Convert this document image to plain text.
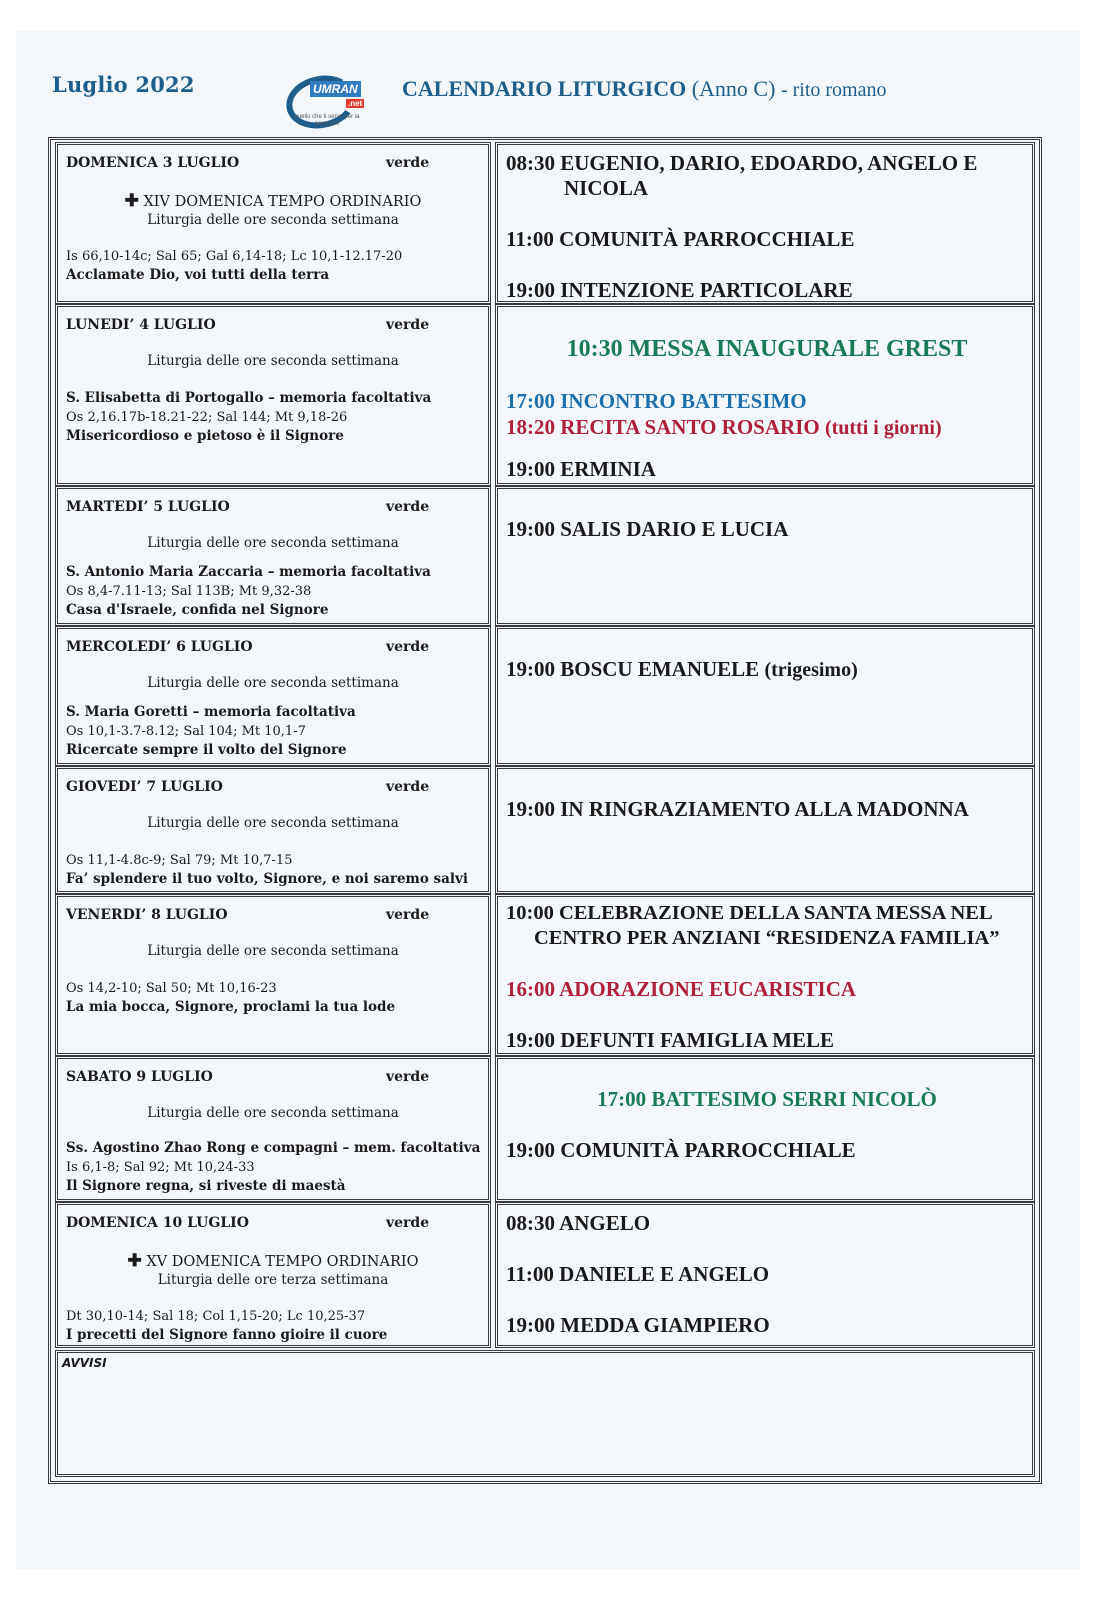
Luglio 2022	UMRAN
.net
quello che ti serve per la pastorale
CALENDARIO LITURGICO (Anno C) - rito romano
DOMENICA 3 LUGLIO	verde
✚ XIV DOMENICA TEMPO ORDINARIO
Liturgia delle ore seconda settimana
Is 66,10-14c; Sal 65; Gal 6,14-18; Lc 10,1-12.17-20 Acclamate Dio, voi tutti della terra
08:30 EUGENIO, DARIO, EDOARDO, ANGELO E NICOLA
11:00 COMUNITÀ PARROCCHIALE
19:00 INTENZIONE PARTICOLARE
LUNEDI’ 4 LUGLIO	verde
Liturgia delle ore seconda settimana
S. Elisabetta di Portogallo – memoria facoltativa
Os 2,16.17b-18.21-22; Sal 144; Mt 9,18-26
Misericordioso e pietoso è il Signore
10:30 MESSA INAUGURALE GREST
17:00 INCONTRO BATTESIMO
18:20 RECITA SANTO ROSARIO (tutti i giorni)
19:00 ERMINIA
MARTEDI’ 5 LUGLIO	verde
Liturgia delle ore seconda settimana
S. Antonio Maria Zaccaria – memoria facoltativa
Os 8,4-7.11-13; Sal 113B; Mt 9,32-38
Casa d'Israele, confida nel Signore
19:00 SALIS DARIO E LUCIA
MERCOLEDI’ 6 LUGLIO	verde
Liturgia delle ore seconda settimana
S. Maria Goretti – memoria facoltativa
Os 10,1-3.7-8.12; Sal 104; Mt 10,1-7
Ricercate sempre il volto del Signore
19:00 BOSCU EMANUELE (trigesimo)
GIOVEDI’ 7 LUGLIO	verde
Liturgia delle ore seconda settimana
Os 11,1-4.8c-9; Sal 79; Mt 10,7-15
Fa’ splendere il tuo volto, Signore, e noi saremo salvi
19:00 IN RINGRAZIAMENTO ALLA MADONNA
VENERDI’ 8 LUGLIO	verde
Liturgia delle ore seconda settimana
Os 14,2-10; Sal 50; Mt 10,16-23
La mia bocca, Signore, proclami la tua lode
10:00 CELEBRAZIONE DELLA SANTA MESSA NEL CENTRO PER ANZIANI “RESIDENZA FAMILIA”
16:00 ADORAZIONE EUCARISTICA
19:00 DEFUNTI FAMIGLIA MELE
SABATO 9 LUGLIO	verde
Liturgia delle ore seconda settimana
Ss. Agostino Zhao Rong e compagni – mem. facoltativa
Is 6,1-8; Sal 92; Mt 10,24-33
Il Signore regna, si riveste di maestà
17:00 BATTESIMO SERRI NICOLÒ
19:00 COMUNITÀ PARROCCHIALE
DOMENICA 10 LUGLIO	verde
✚ XV DOMENICA TEMPO ORDINARIO
Liturgia delle ore terza settimana
Dt 30,10-14; Sal 18; Col 1,15-20; Lc 10,25-37
I precetti del Signore fanno gioire il cuore
08:30 ANGELO
11:00 DANIELE E ANGELO
19:00 MEDDA GIAMPIERO
AVVISI
